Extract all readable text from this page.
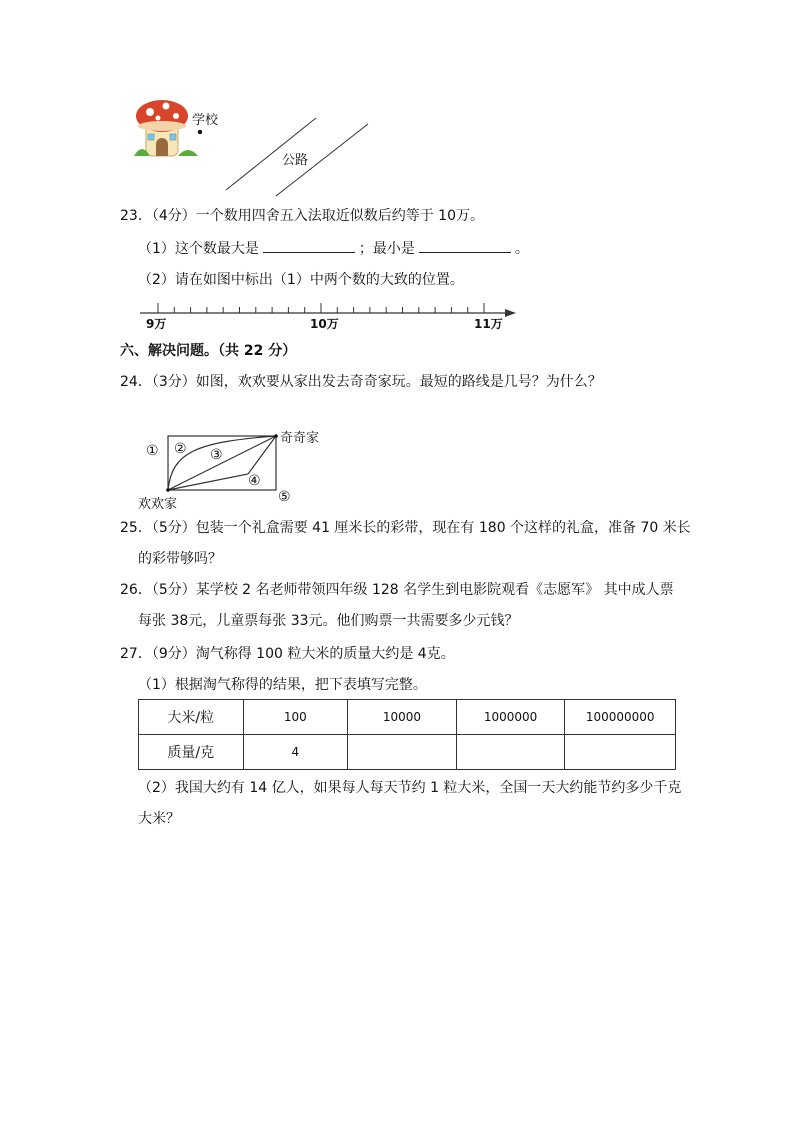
学校
公路
23．（4分）一个数用四舍五入法取近似数后约等于 10万。
（1）这个数最大是	；最小是	。
（2）请在如图中标出（1）中两个数的大致的位置。
9万	10万	11万
六、解决问题。（共 22 分）
24．（3分）如图，欢欢要从家出发去奇奇家玩。最短的路线是几号？为什么？
① ② ③
④
⑤
欢欢家
奇奇家
25．（5分）包装一个礼盒需要 41 厘米长的彩带，现在有 180 个这样的礼盒，准备 70 米长
的彩带够吗？
26．（5分）某学校 2 名老师带领四年级 128 名学生到电影院观看《志愿军》 其中成人票
每张 38元，儿童票每张 33元。他们购票一共需要多少元钱？
27．（9分）淘气称得 100 粒大米的质量大约是 4克。
（1）根据淘气称得的结果，把下表填写完整。
大米/粒	100	10000	1000000	100000000
质量/克	4			
（2）我国大约有 14 亿人，如果每人每天节约 1 粒大米，全国一天大约能节约多少千克
大米？
